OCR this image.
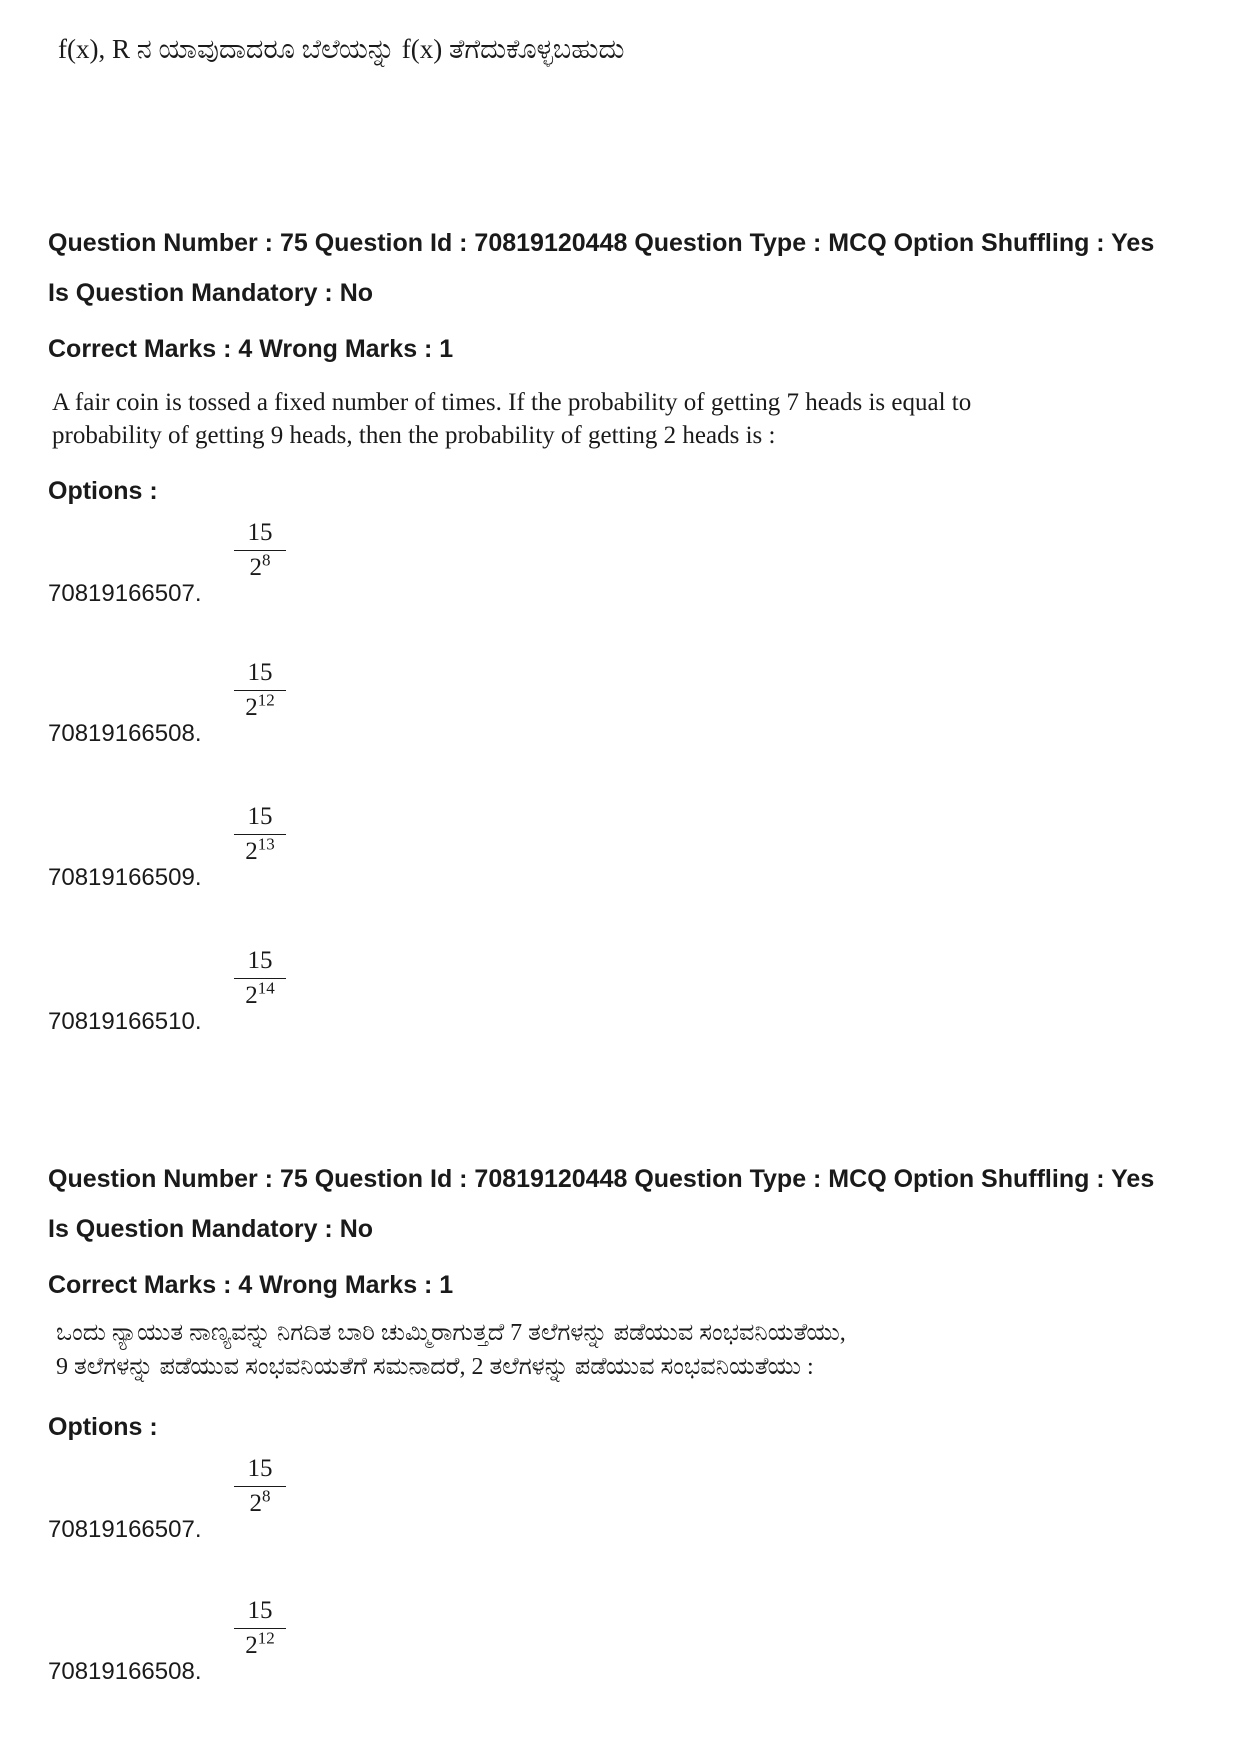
f(x), R ನ ಯಾವುದಾದರೂ ಬೆಲೆಯನ್ನು f(x) ತೆಗೆದುಕೊಳ್ಳಬಹುದು

Question Number : 75 Question Id : 70819120448 Question Type : MCQ Option Shuffling : Yes

Is Question Mandatory : No

Correct Marks : 4 Wrong Marks : 1

A fair coin is tossed a fixed number of times. If the probability of getting 7 heads is equal to

probability of getting 9 heads, then the probability of getting 2 heads is :

Options :

70819166507.
15
$2^8$
70819166508.
15
$2^{12}$
70819166509.
15
$2^{13}$
70819166510.
15
$2^{14}$

Question Number : 75 Question Id : 70819120448 Question Type : MCQ Option Shuffling : Yes

Is Question Mandatory : No

Correct Marks : 4 Wrong Marks : 1

ಒಂದು ನ್ಯಾಯುತ ನಾಣ್ಯವನ್ನು ನಿಗದಿತ ಬಾರಿ ಚುಮ್ಮಿರಾಗುತ್ತದೆ 7 ತಲೆಗಳನ್ನು ಪಡೆಯುವ ಸಂಭವನಿಯತೆಯು,

9 ತಲೆಗಳನ್ನು ಪಡೆಯುವ ಸಂಭವನಿಯತೆಗೆ ಸಮನಾದರೆ, 2 ತಲೆಗಳನ್ನು ಪಡೆಯುವ ಸಂಭವನಿಯತೆಯು :

Options :

70819166507.
15
$2^8$
70819166508.
15
$2^{12}$
